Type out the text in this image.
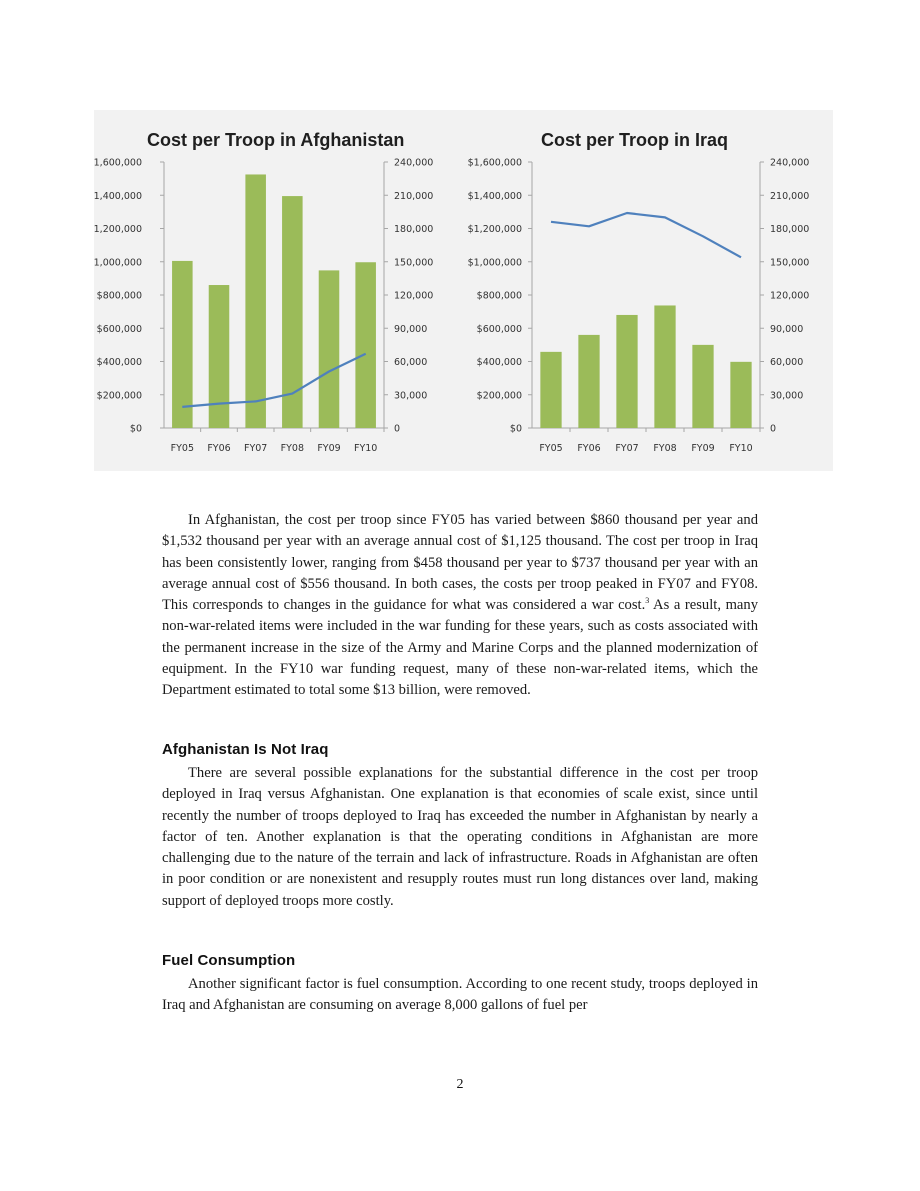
Cost per Troop in Afghanistan
$0
$200,000
$400,000
$600,000
$800,000
1,000,000
1,200,000
1,400,000
1,600,000
0
30,000
60,000
90,000
120,000
150,000
180,000
210,000
240,000
FY05 FY06 FY07 FY08 FY09 FY10
Cost per Troop in Iraq
$0
$200,000
$400,000
$600,000
$800,000
$1,000,000
$1,200,000
$1,400,000
$1,600,000
0
30,000
60,000
90,000
120,000
150,000
180,000
210,000
240,000
FY05 FY06 FY07 FY08 FY09 FY10

In Afghanistan, the cost per troop since FY05 has varied between $860 thousand per year and $1,532 thousand per year with an average annual cost of $1,125 thousand. The cost per troop in Iraq has been consistently lower, ranging from $458 thousand per year to $737 thousand per year with an average annual cost of $556 thousand. In both cases, the costs per troop peaked in FY07 and FY08. This corresponds to changes in the guidance for what was considered a war cost.$^3$ As a result, many non-war-related items were included in the war funding for these years, such as costs associated with the permanent increase in the size of the Army and Marine Corps and the planned modernization of equipment. In the FY10 war funding request, many of these non-war-related items, which the Department estimated to total some $13 billion, were removed.

Afghanistan Is Not Iraq

There are several possible explanations for the substantial difference in the cost per troop deployed in Iraq versus Afghanistan. One explanation is that economies of scale exist, since until recently the number of troops deployed to Iraq has exceeded the number in Afghanistan by nearly a factor of ten. Another explanation is that the operating conditions in Afghanistan are more challenging due to the nature of the terrain and lack of infrastructure. Roads in Afghanistan are often in poor condition or are nonexistent and resupply routes must run long distances over land, making support of deployed troops more costly.

Fuel Consumption

Another significant factor is fuel consumption. According to one recent study, troops deployed in Iraq and Afghanistan are consuming on average 8,000 gallons of fuel per

2
